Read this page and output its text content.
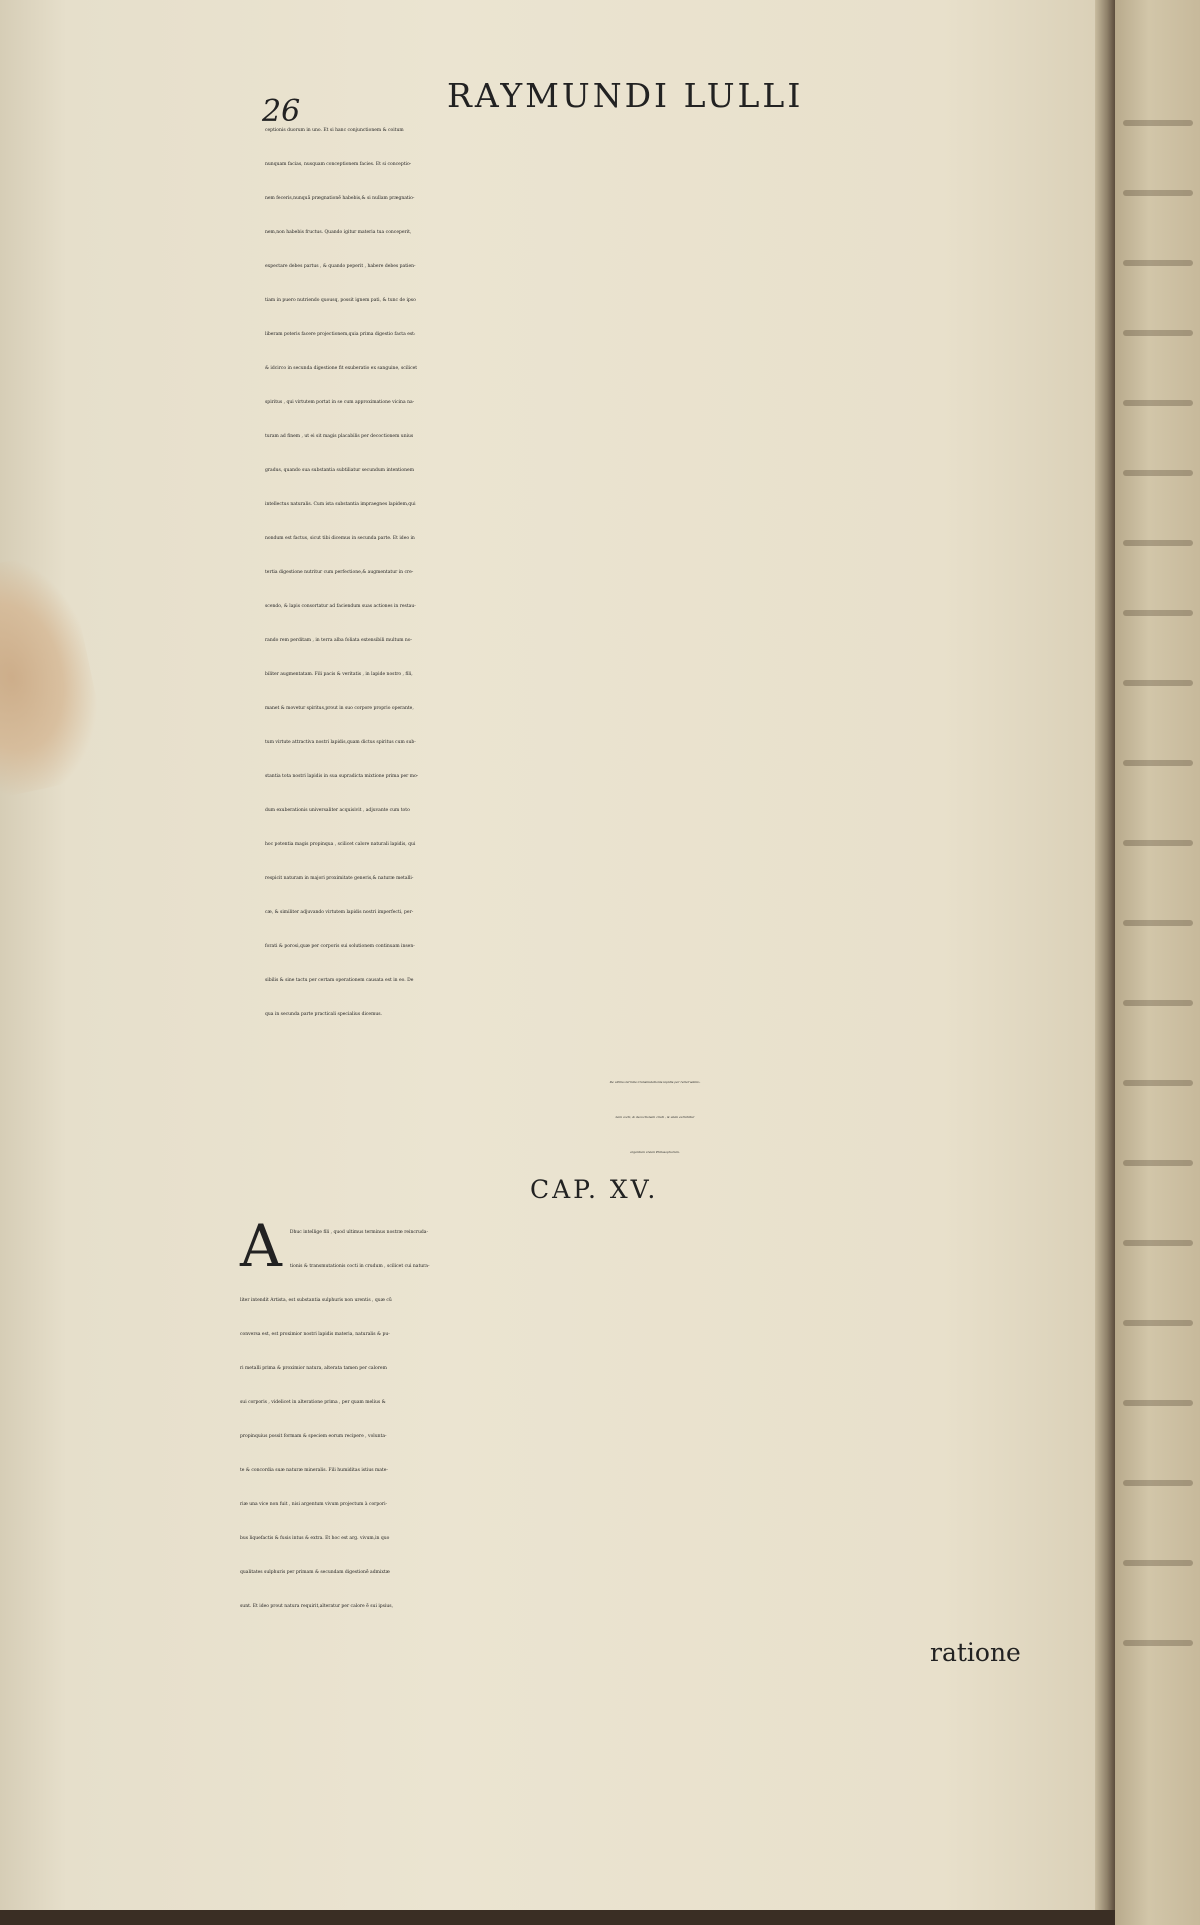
26	RAYMUNDI LULLI
ceptionis duorum in uno. Et si hanc conjunctionem & coitum
nunquam facias, nusquam conceptionem facies. Et si conceptio-
nem feceris,nunquã prægnationẽ habebis,& si nullam prægnatio-
nem,non habebis fructus. Quando igitur materia tua conceperit,
expectare debes partus , & quando peperit , habere debes patien-
tiam in puero nutriendo quousq, possit ignem pati, & tunc de ipso
liberam poteris facere projectionem,quia prima digestio facta est:
& idcirco in secunda digestione fit exuberatio ex sanguine, scilicet
spiritus , qui virtutem portat in se cum approximatione vicina na-
turam ad finem , ut ei sit magis placabilis per decoctionem unius
gradus, quando sua substantia subtiliatur secundum intentionem
intellectus naturalis. Cum ista substantia impraegnes lapidem,qui
nondum est factus, sicut tibi dicemus in secunda parte. Et ideo in
tertia digestione nutritur cum perfectione,& augmentatur in cre-
scendo, & lapis consortatur ad faciendum suas actiones in restau-
rando rem perditam , in terra alba foliata extensibili multum no-
biliter augmentatam. Fili pacis & veritatis , in lapide nostro , fili,
manet & movetur spiritus,prout in suo corpore proprio operante,
tum virtute attractiva nostri lapidis,quam dictus spiritus cum sub-
stantia tota nostri lapidis in sua supradicta mixtione prima per mo-
dum exuberationis universaliter acquisivit , adjuvante cum toto
hoc potentia magis propinqua , scilicet calore naturali lapidis, qui
respicit naturam in majori proximitate generis,& naturæ metalli-
cæ, & similiter adjuvando virtutem lapidis nostri imperfecti, per-
forati & porosi,quæ per corporis sui solutionem continuam insen-
sibilis & sine tactu per certam operationem causata est in eo. De
qua in secunda parte practicali specialius dicemus.
De ultimo termino transmutationis lapidis per reincrudatio-
nem cocti, & decoctionem crudi , & unde extrahitur
argentum vivum Philosophorum.
CAP. XV.
A	Dhuc intellige fili , quod ultimus terminus nostræ reincruda-
tionis & transmutationis cocti in crudum , scilicet cui natura-
liter intendit Artista, est substantia sulphuris non urentis , quæ cũ
conversa est, est proximior nostri lapidis materia, naturalis & pu-
ri metalli prima & proximior natura, alterata tamen per calorem
sui corporis , videlicet in alteratione prima , per quam melius &
propinquius possit formam & speciem eorum recipere , volunta-
te & concordia suæ naturæ mineralis. Fili humiditas istius mate-
riæ una vice non fuit , nisi argentum vivum projectum à corpori-
bus liquefactis & fusis intus & extra. Et hoc est arg. vivum,in quo
qualitates sulphuris per primam & secundam digestionẽ admixtæ
sunt. Et ideo prout natura requirit,alteratur per calore ẽ sui ipsius,
ratione
